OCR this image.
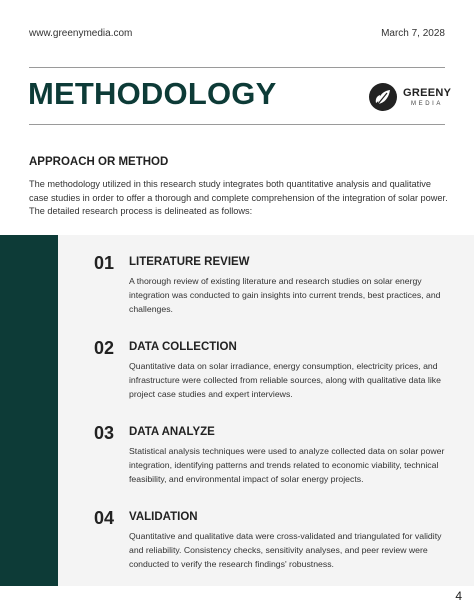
www.greenymedia.com	March 7, 2028
METHODOLOGY	GREENY
MEDIA
APPROACH OR METHOD
The methodology utilized in this research study integrates both quantitative analysis and qualitative case studies in order to offer a thorough and complete comprehension of the integration of solar power. The detailed research process is delineated as follows:
01 LITERATURE REVIEW
A thorough review of existing literature and research studies on solar energy integration was conducted to gain insights into current trends, best practices, and challenges.
02 DATA COLLECTION
Quantitative data on solar irradiance, energy consumption, electricity prices, and infrastructure were collected from reliable sources, along with qualitative data like project case studies and expert interviews.
03 DATA ANALYZE
Statistical analysis techniques were used to analyze collected data on solar power integration, identifying patterns and trends related to economic viability, technical feasibility, and environmental impact of solar energy projects.
04 VALIDATION
Quantitative and qualitative data were cross-validated and triangulated for validity and reliability. Consistency checks, sensitivity analyses, and peer review were conducted to verify the research findings' robustness.
4
